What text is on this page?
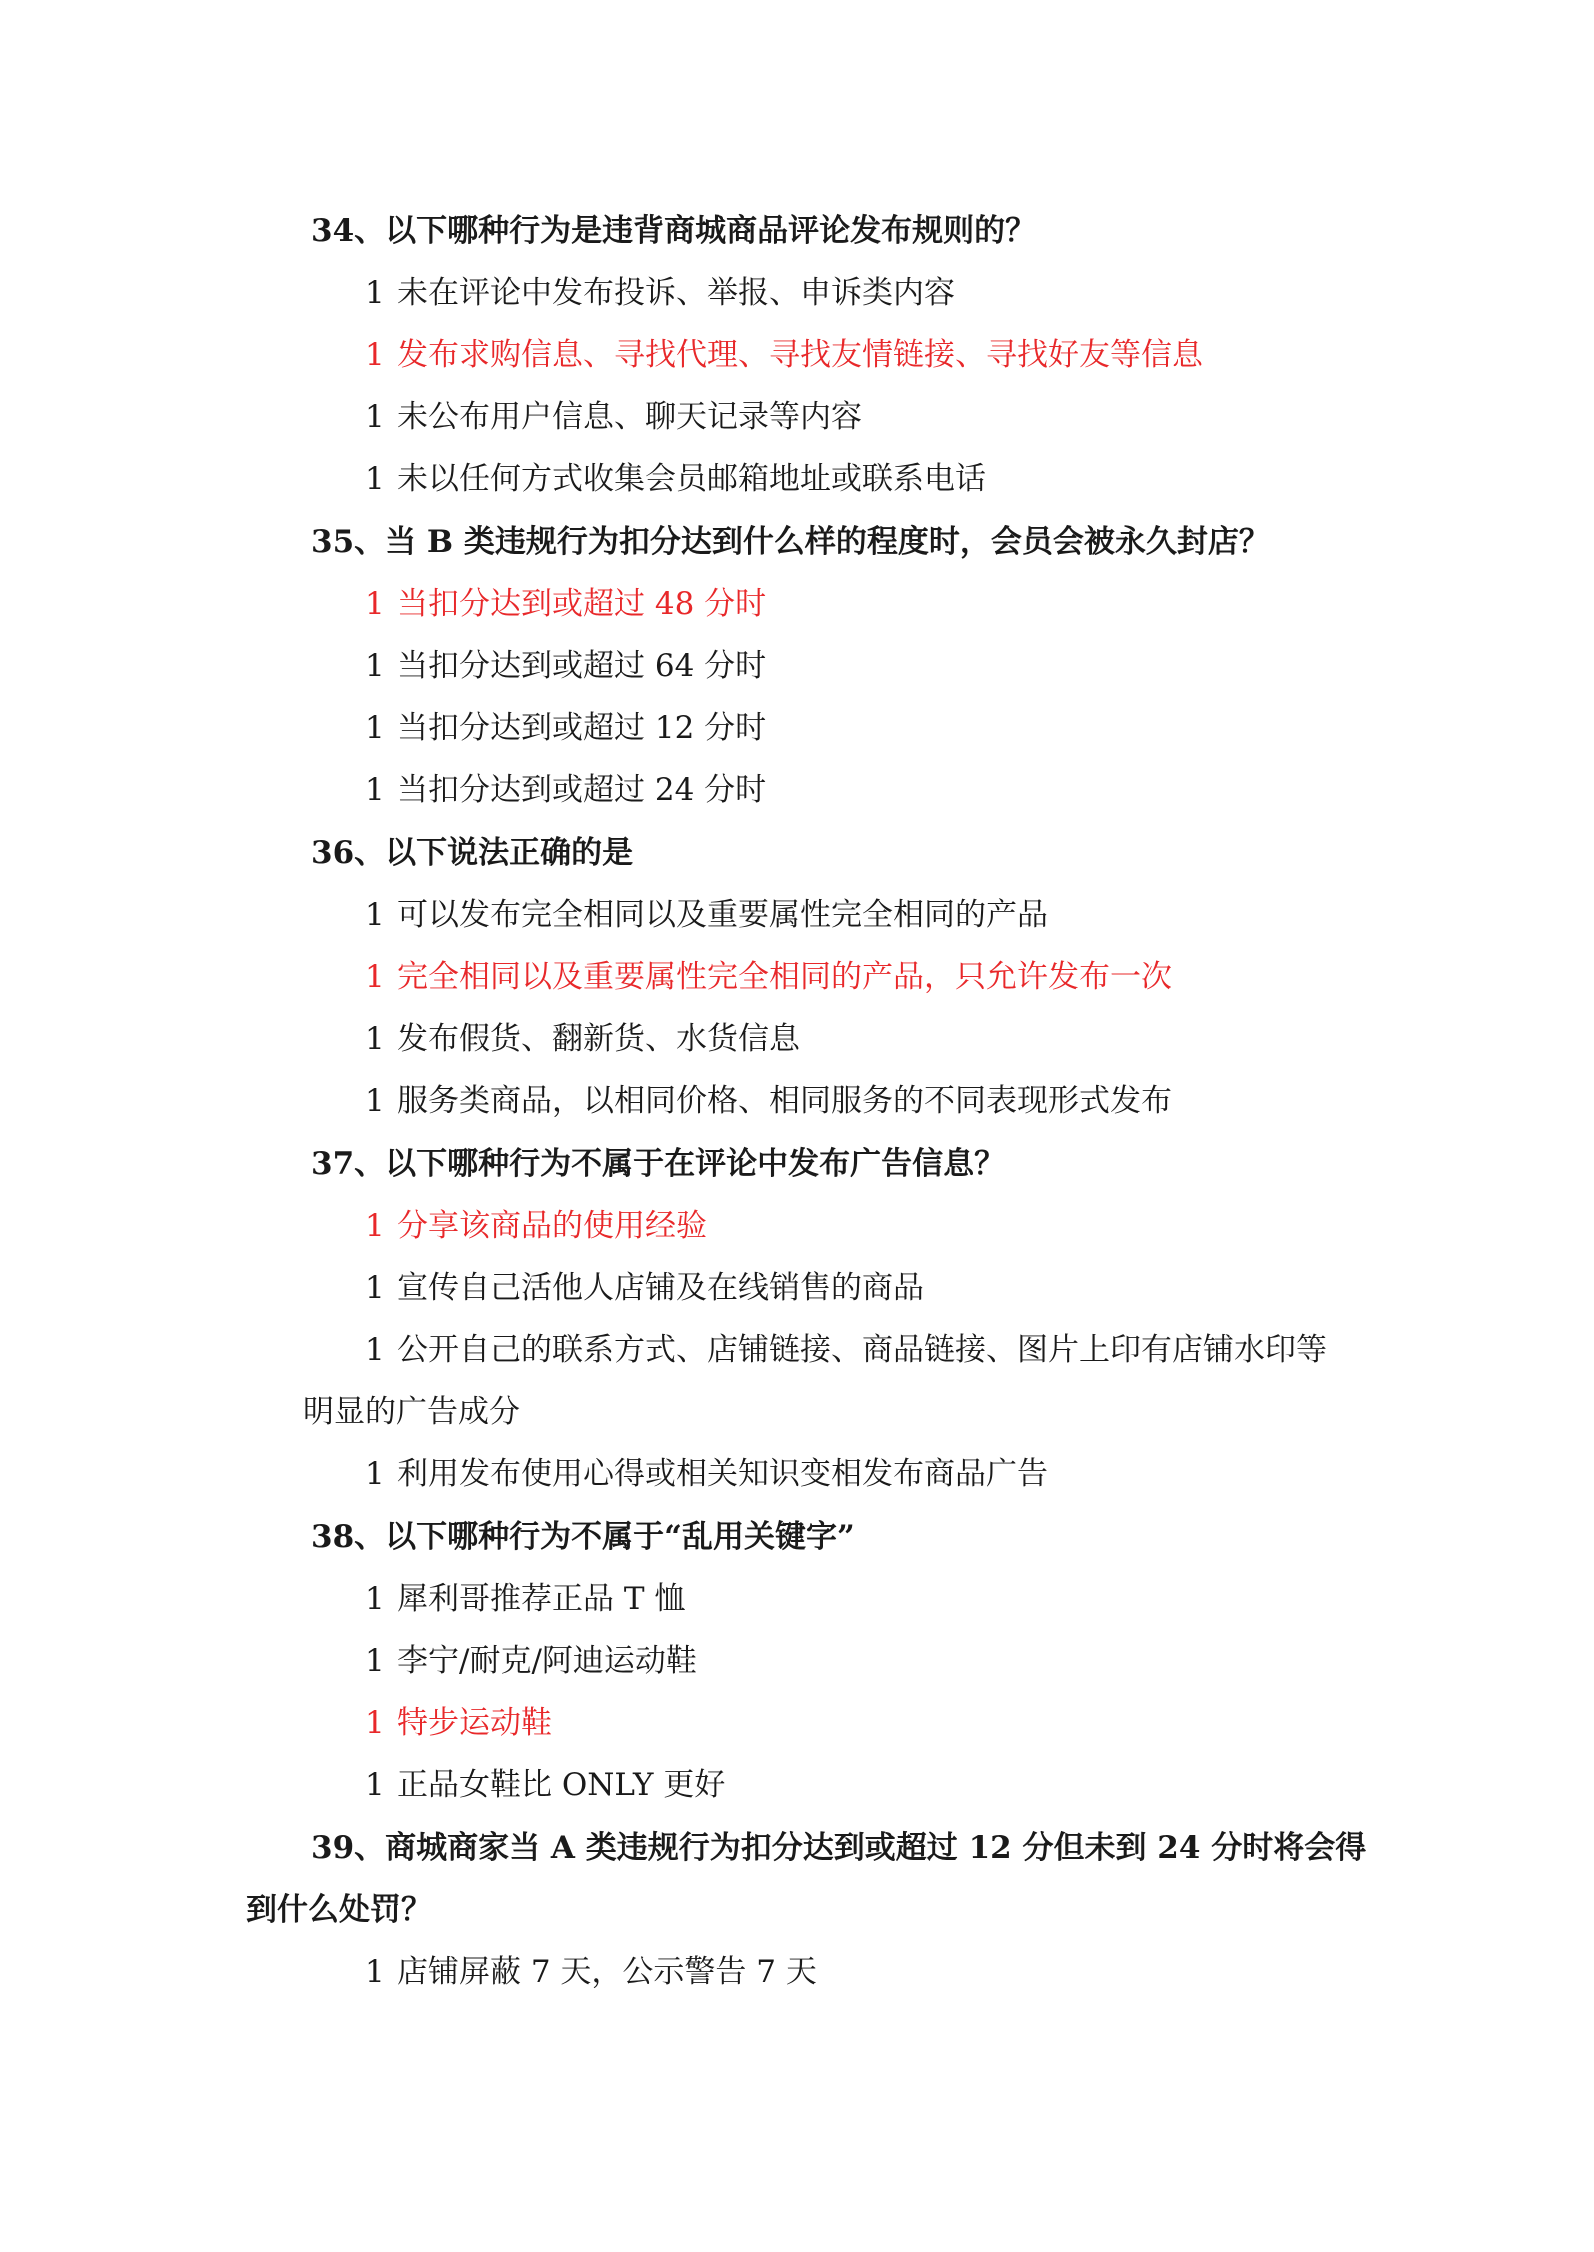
34、以下哪种行为是违背商城商品评论发布规则的？
1 未在评论中发布投诉、举报、申诉类内容
1 发布求购信息、寻找代理、寻找友情链接、寻找好友等信息
1 未公布用户信息、聊天记录等内容
1 未以任何方式收集会员邮箱地址或联系电话
35、当 B 类违规行为扣分达到什么样的程度时，会员会被永久封店？
1 当扣分达到或超过 48 分时
1 当扣分达到或超过 64 分时
1 当扣分达到或超过 12 分时
1 当扣分达到或超过 24 分时
36、以下说法正确的是
1 可以发布完全相同以及重要属性完全相同的产品
1 完全相同以及重要属性完全相同的产品，只允许发布一次
1 发布假货、翻新货、水货信息
1 服务类商品，以相同价格、相同服务的不同表现形式发布
37、以下哪种行为不属于在评论中发布广告信息？
1 分享该商品的使用经验
1 宣传自己活他人店铺及在线销售的商品
1 公开自己的联系方式、店铺链接、商品链接、图片上印有店铺水印等
明显的广告成分
1 利用发布使用心得或相关知识变相发布商品广告
38、以下哪种行为不属于“乱用关键字”
1 犀利哥推荐正品 T 恤
1 李宁/耐克/阿迪运动鞋
1 特步运动鞋
1 正品女鞋比 ONLY 更好
39、商城商家当 A 类违规行为扣分达到或超过 12 分但未到 24 分时将会得
到什么处罚？
1 店铺屏蔽 7 天，公示警告 7 天
